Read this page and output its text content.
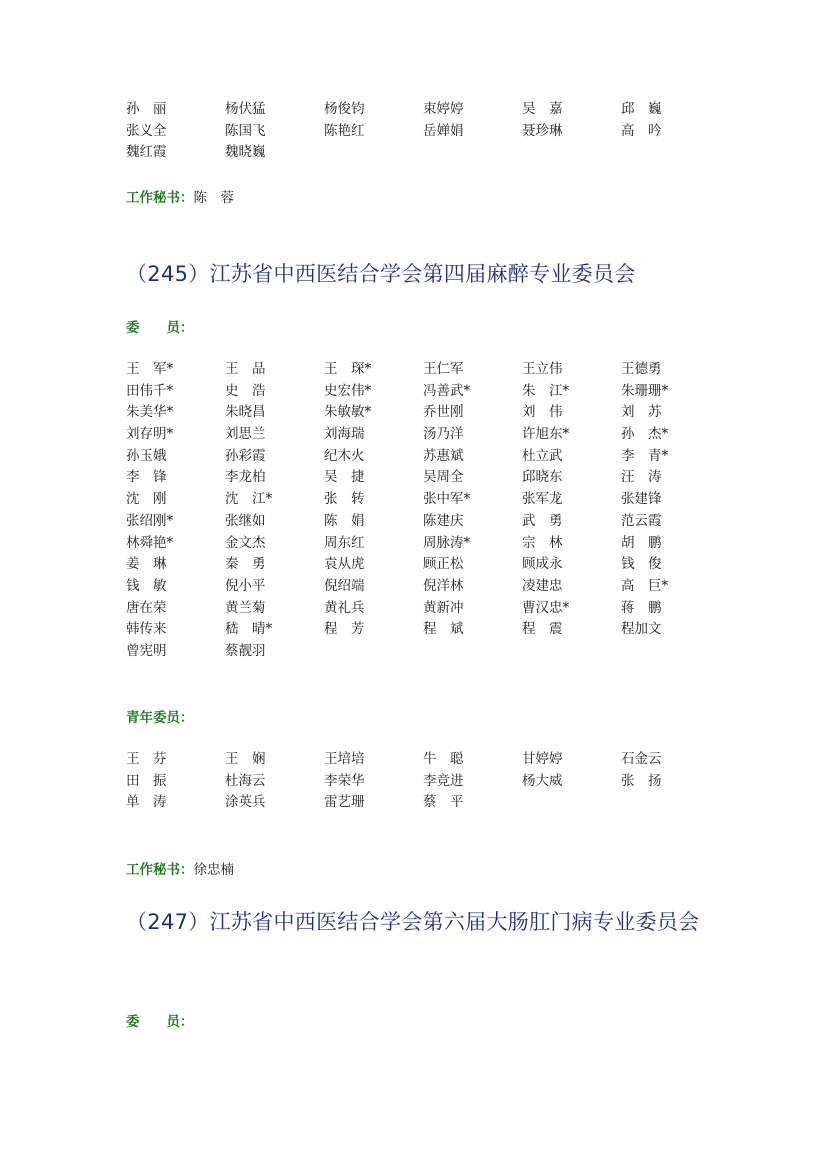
孙　丽	杨伏猛	杨俊钧	束婷婷	吴　嘉	邱　巍
张义全	陈国飞	陈艳红	岳婵娟	聂珍琳	高　吟
魏红霞	魏晓巍
工作秘书：陈　蓉
（245）江苏省中西医结合学会第四届麻醉专业委员会
委　　员：
王　军*	王　品	王　琛*	王仁军	王立伟	王德勇
田伟千*	史　浩	史宏伟*	冯善武*	朱　江*	朱珊珊*
朱美华*	朱晓昌	朱敏敏*	乔世刚	刘　伟	刘　苏
刘存明*	刘思兰	刘海瑞	汤乃洋	许旭东*	孙　杰*
孙玉娥	孙彩霞	纪木火	苏惠斌	杜立武	李　青*
李　锋	李龙柏	吴　捷	吴周全	邱晓东	汪　涛
沈　刚	沈　江*	张　转	张中军*	张军龙	张建锋
张绍刚*	张继如	陈　娟	陈建庆	武　勇	范云霞
林舜艳*	金文杰	周东红	周脉涛*	宗　林	胡　鹏
姜　琳	秦　勇	袁从虎	顾正松	顾成永	钱　俊
钱　敏	倪小平	倪绍端	倪洋林	凌建忠	高　巨*
唐在荣	黄兰菊	黄礼兵	黄新冲	曹汉忠*	蒋　鹏
韩传来	嵇　晴*	程　芳	程　斌	程　震	程加文
曾宪明	蔡靓羽
青年委员：
王　芬	王　娴	王培培	牛　聪	甘婷婷	石金云
田　振	杜海云	李荣华	李竞进	杨大威	张　扬
单　涛	涂英兵	雷艺珊	蔡　平
工作秘书：徐忠楠
（247）江苏省中西医结合学会第六届大肠肛门病专业委员会
委　　员：
